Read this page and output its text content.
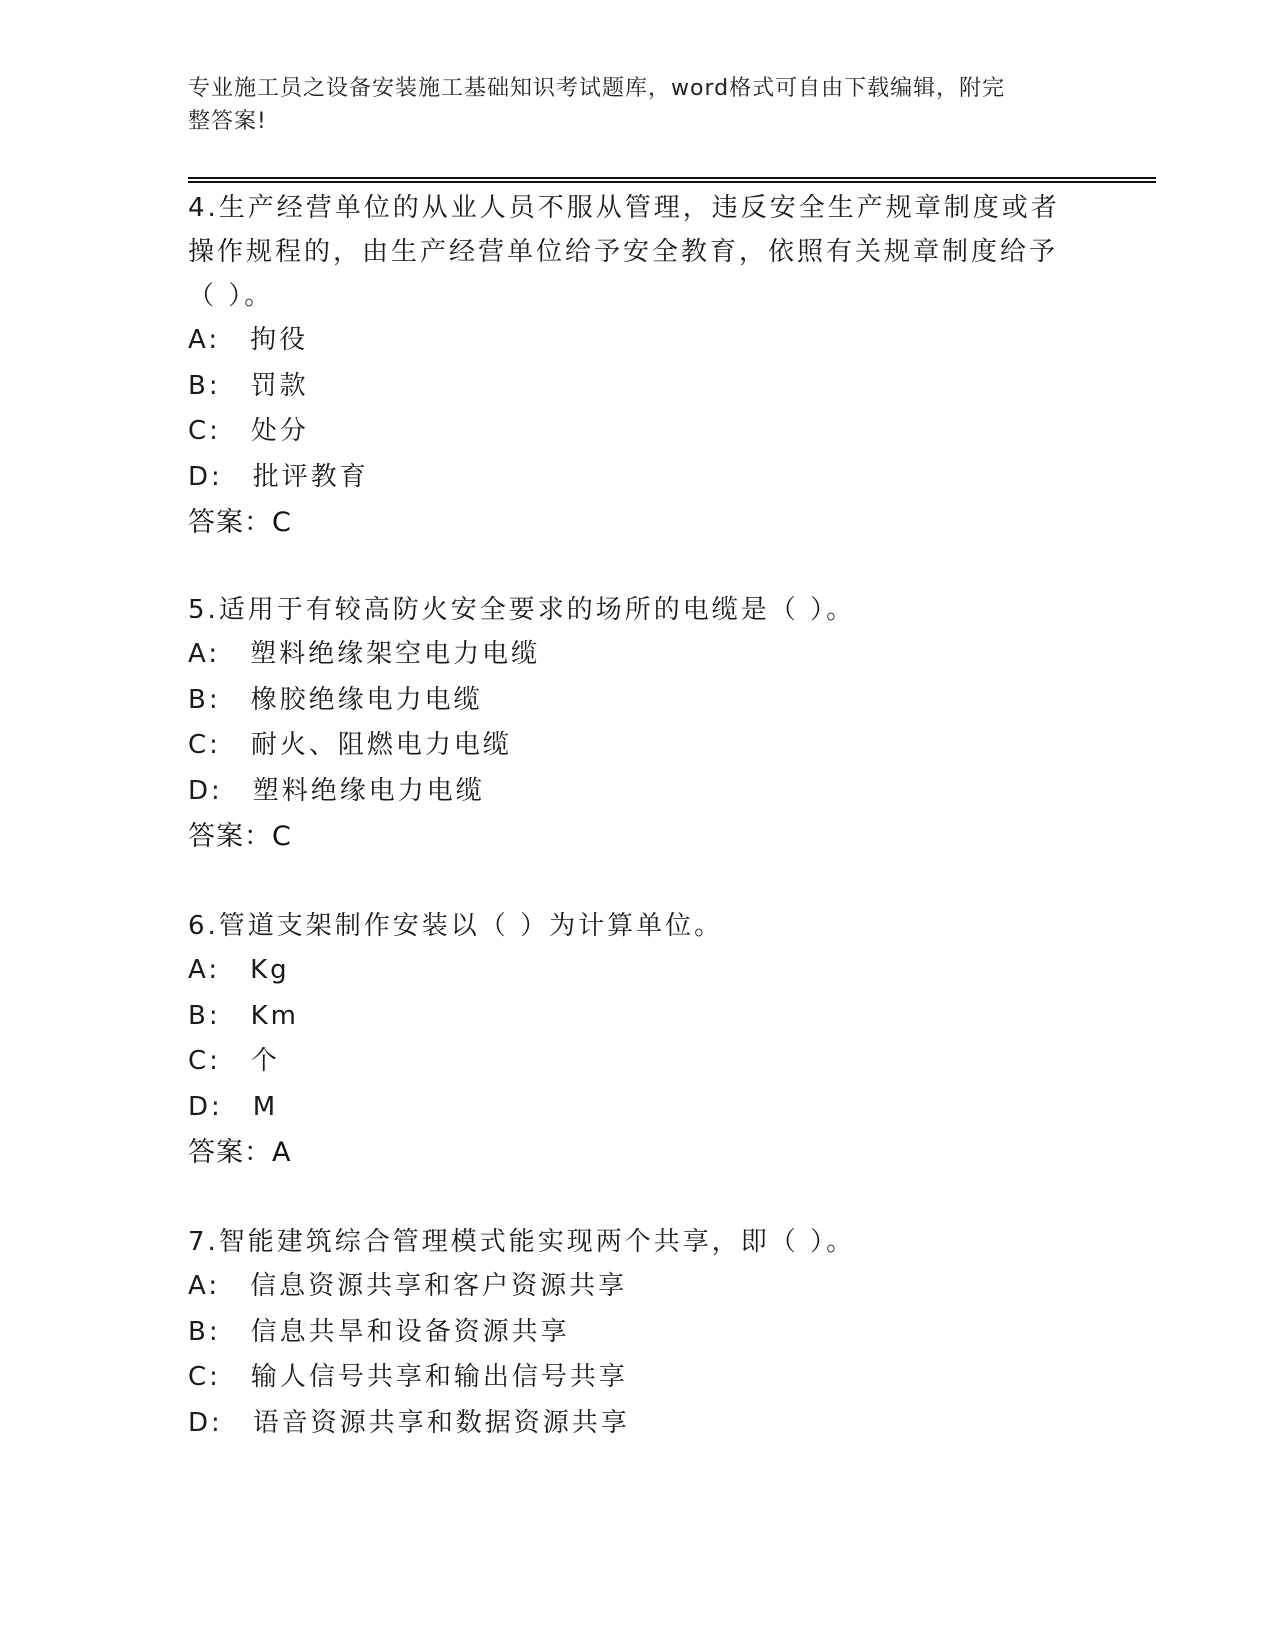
专业施工员之设备安装施工基础知识考试题库，word格式可自由下载编辑，附完
整答案!

4.生产经营单位的从业人员不服从管理，违反安全生产规章制度或者操作规程的，由生产经营单位给予安全教育，依照有关规章制度给予（ ）。

A: 拘役
B: 罚款
C: 处分
D: 批评教育
答案：C

5.适用于有较高防火安全要求的场所的电缆是（ ）。

A: 塑料绝缘架空电力电缆
B: 橡胶绝缘电力电缆
C: 耐火、阻燃电力电缆
D: 塑料绝缘电力电缆
答案：C

6.管道支架制作安装以（ ）为计算单位。

A: Kg
B: Km
C: 个
D: M
答案：A

7.智能建筑综合管理模式能实现两个共享，即（ ）。

A: 信息资源共享和客户资源共享
B: 信息共旱和设备资源共享
C: 输人信号共享和输出信号共享
D: 语音资源共享和数据资源共享
